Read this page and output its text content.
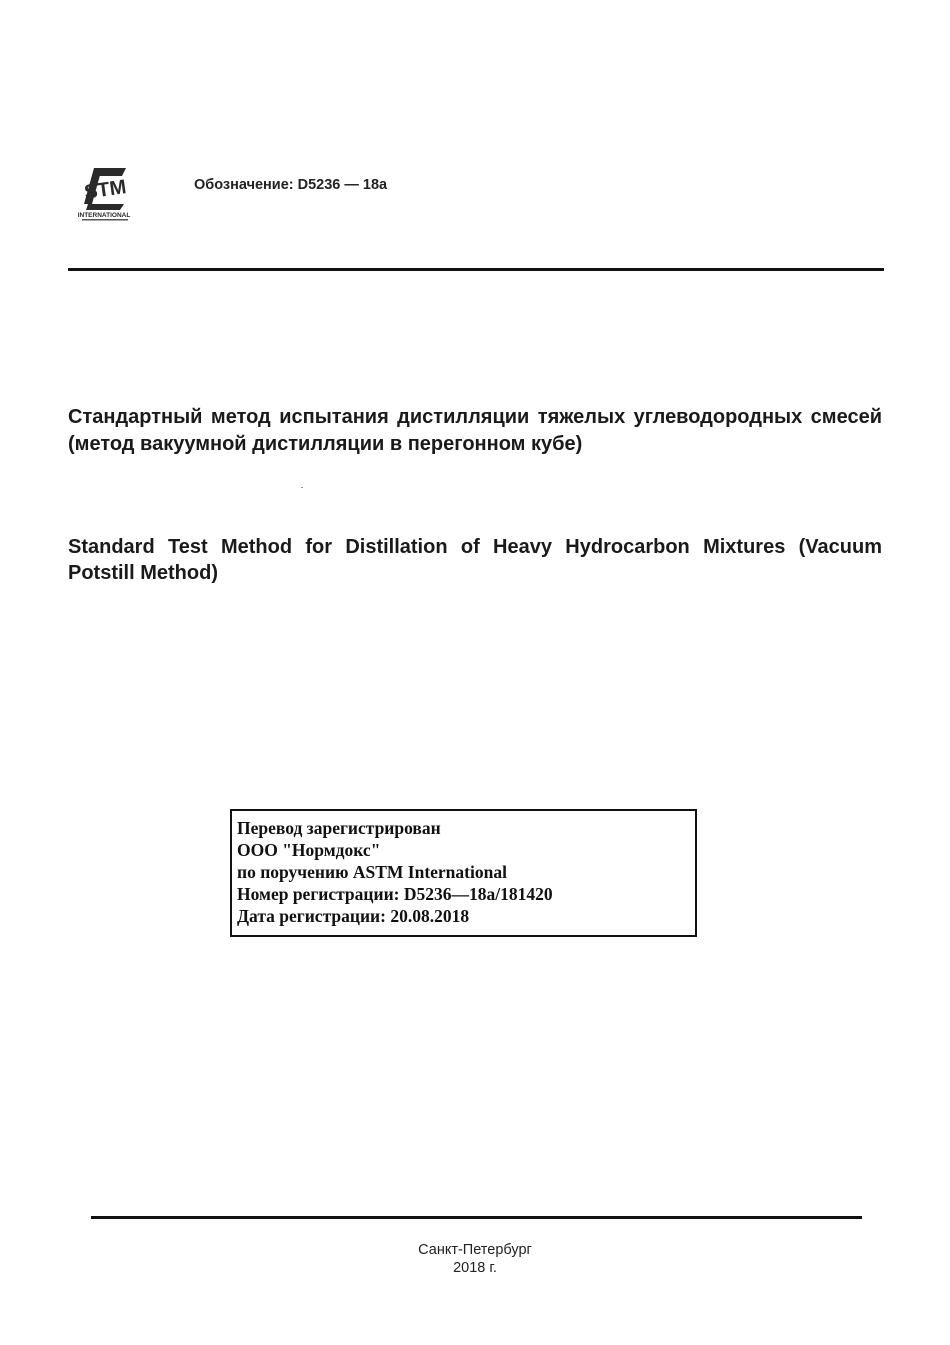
STM
INTERNATIONAL
Обозначение: D5236 — 18a
Стандартный метод испытания дистилляции тяжелых углеводородных смесей (метод вакуумной дистилляции в перегонном кубе)
Standard Test Method for Distillation of Heavy Hydrocarbon Mixtures (Vacuum Potstill Method)
Перевод зарегистрирован
ООО "Нормдокс"
по поручению ASTM International
Номер регистрации: D5236—18a/181420
Дата регистрации: 20.08.2018
Санкт-Петербург
2018 г.
